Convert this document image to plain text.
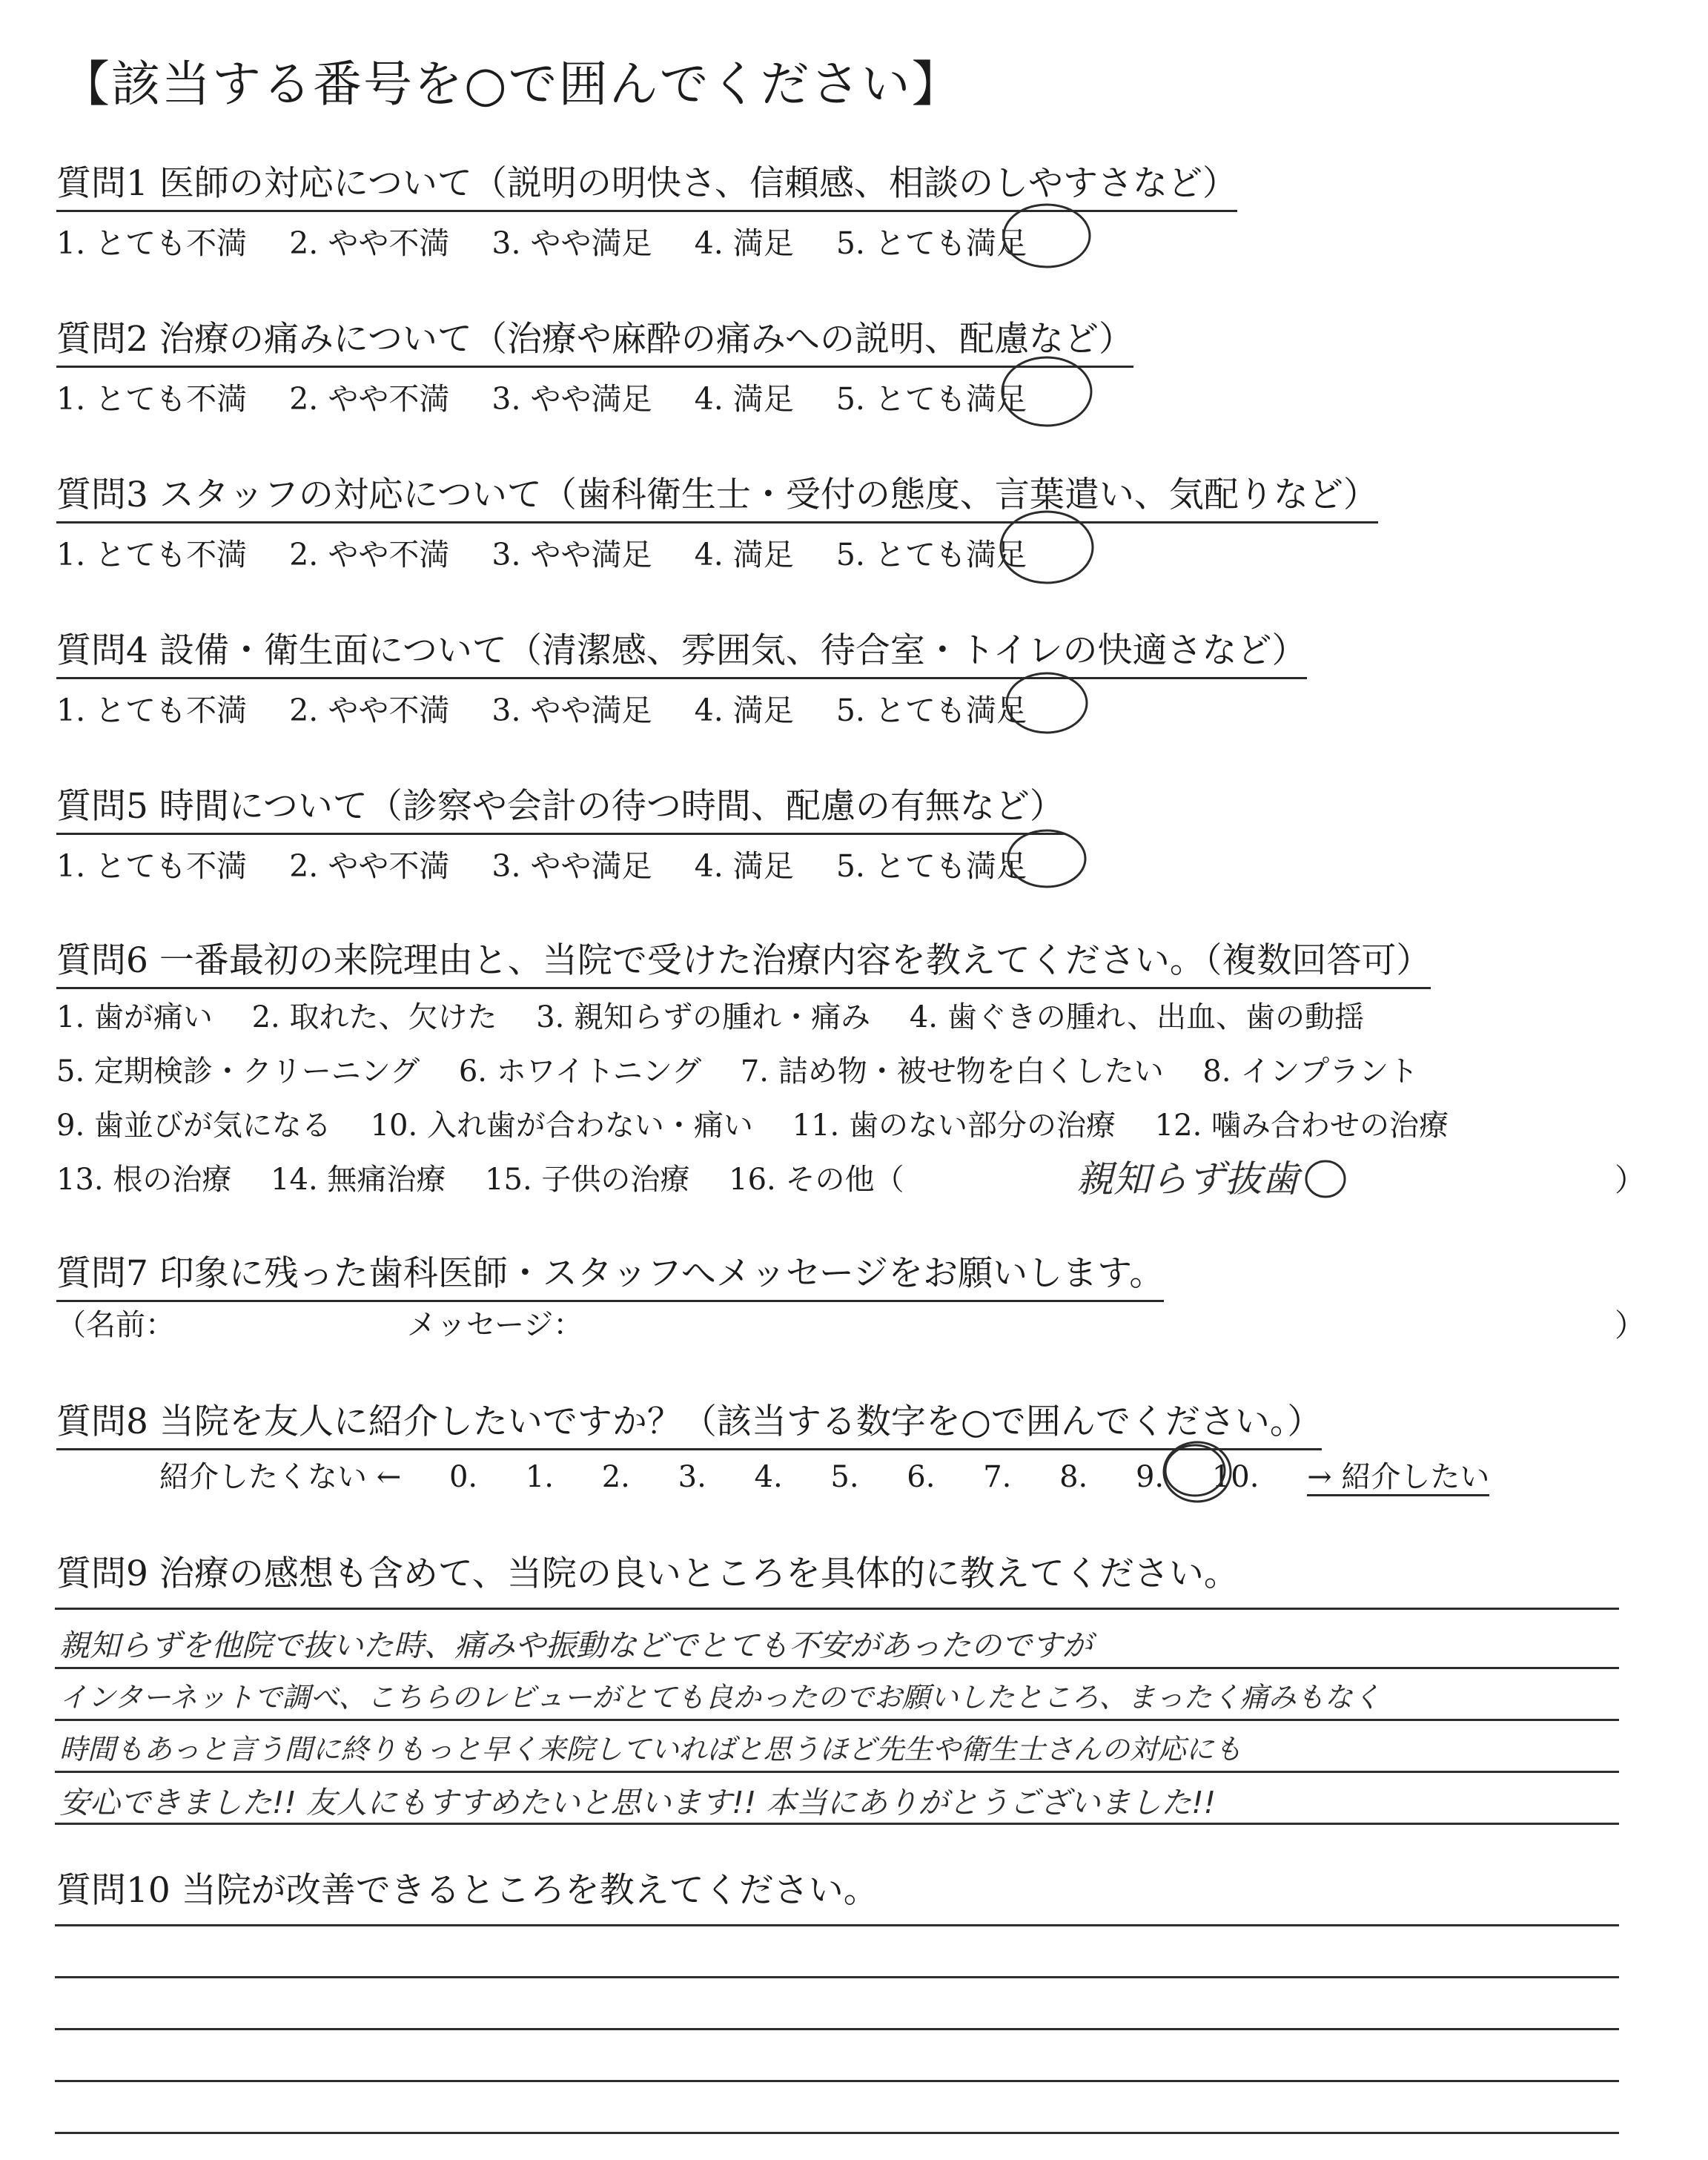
【該当する番号を○で囲んでください】
質問1 医師の対応について（説明の明快さ、信頼感、相談のしやすさなど）
1. とても不満 2. やや不満 3. やや満足 4. 満足 5. とても満足
質問2 治療の痛みについて（治療や麻酔の痛みへの説明、配慮など）
1. とても不満 2. やや不満 3. やや満足 4. 満足 5. とても満足
質問3 スタッフの対応について（歯科衛生士・受付の態度、言葉遣い、気配りなど）
1. とても不満 2. やや不満 3. やや満足 4. 満足 5. とても満足
質問4 設備・衛生面について（清潔感、雰囲気、待合室・トイレの快適さなど）
1. とても不満 2. やや不満 3. やや満足 4. 満足 5. とても満足
質問5 時間について（診察や会計の待つ時間、配慮の有無など）
1. とても不満 2. やや不満 3. やや満足 4. 満足 5. とても満足
質問6 一番最初の来院理由と、当院で受けた治療内容を教えてください。（複数回答可）
1. 歯が痛い 2. 取れた、欠けた 3. 親知らずの腫れ・痛み 4. 歯ぐきの腫れ、出血、歯の動揺
5. 定期検診・クリーニング 6. ホワイトニング 7. 詰め物・被せ物を白くしたい 8. インプラント
9. 歯並びが気になる 10. 入れ歯が合わない・痛い 11. 歯のない部分の治療 12. 噛み合わせの治療
13. 根の治療 14. 無痛治療 15. 子供の治療 16. その他（	親知らず抜歯	）
質問7 印象に残った歯科医師・スタッフへメッセージをお願いします。
（名前：	メッセージ：	）
質問8 当院を友人に紹介したいですか？（該当する数字を○で囲んでください。）
紹介したくない ← 0. 1. 2. 3. 4. 5. 6. 7. 8. 9. 10. → 紹介したい
質問9 治療の感想も含めて、当院の良いところを具体的に教えてください。
親知らずを他院で抜いた時、痛みや振動などでとても不安があったのですが
インターネットで調べ、こちらのレビューがとても良かったのでお願いしたところ、まったく痛みもなく
時間もあっと言う間に終りもっと早く来院していればと思うほど先生や衛生士さんの対応にも
安心できました!! 友人にもすすめたいと思います!! 本当にありがとうございました!!
質問10 当院が改善できるところを教えてください。
